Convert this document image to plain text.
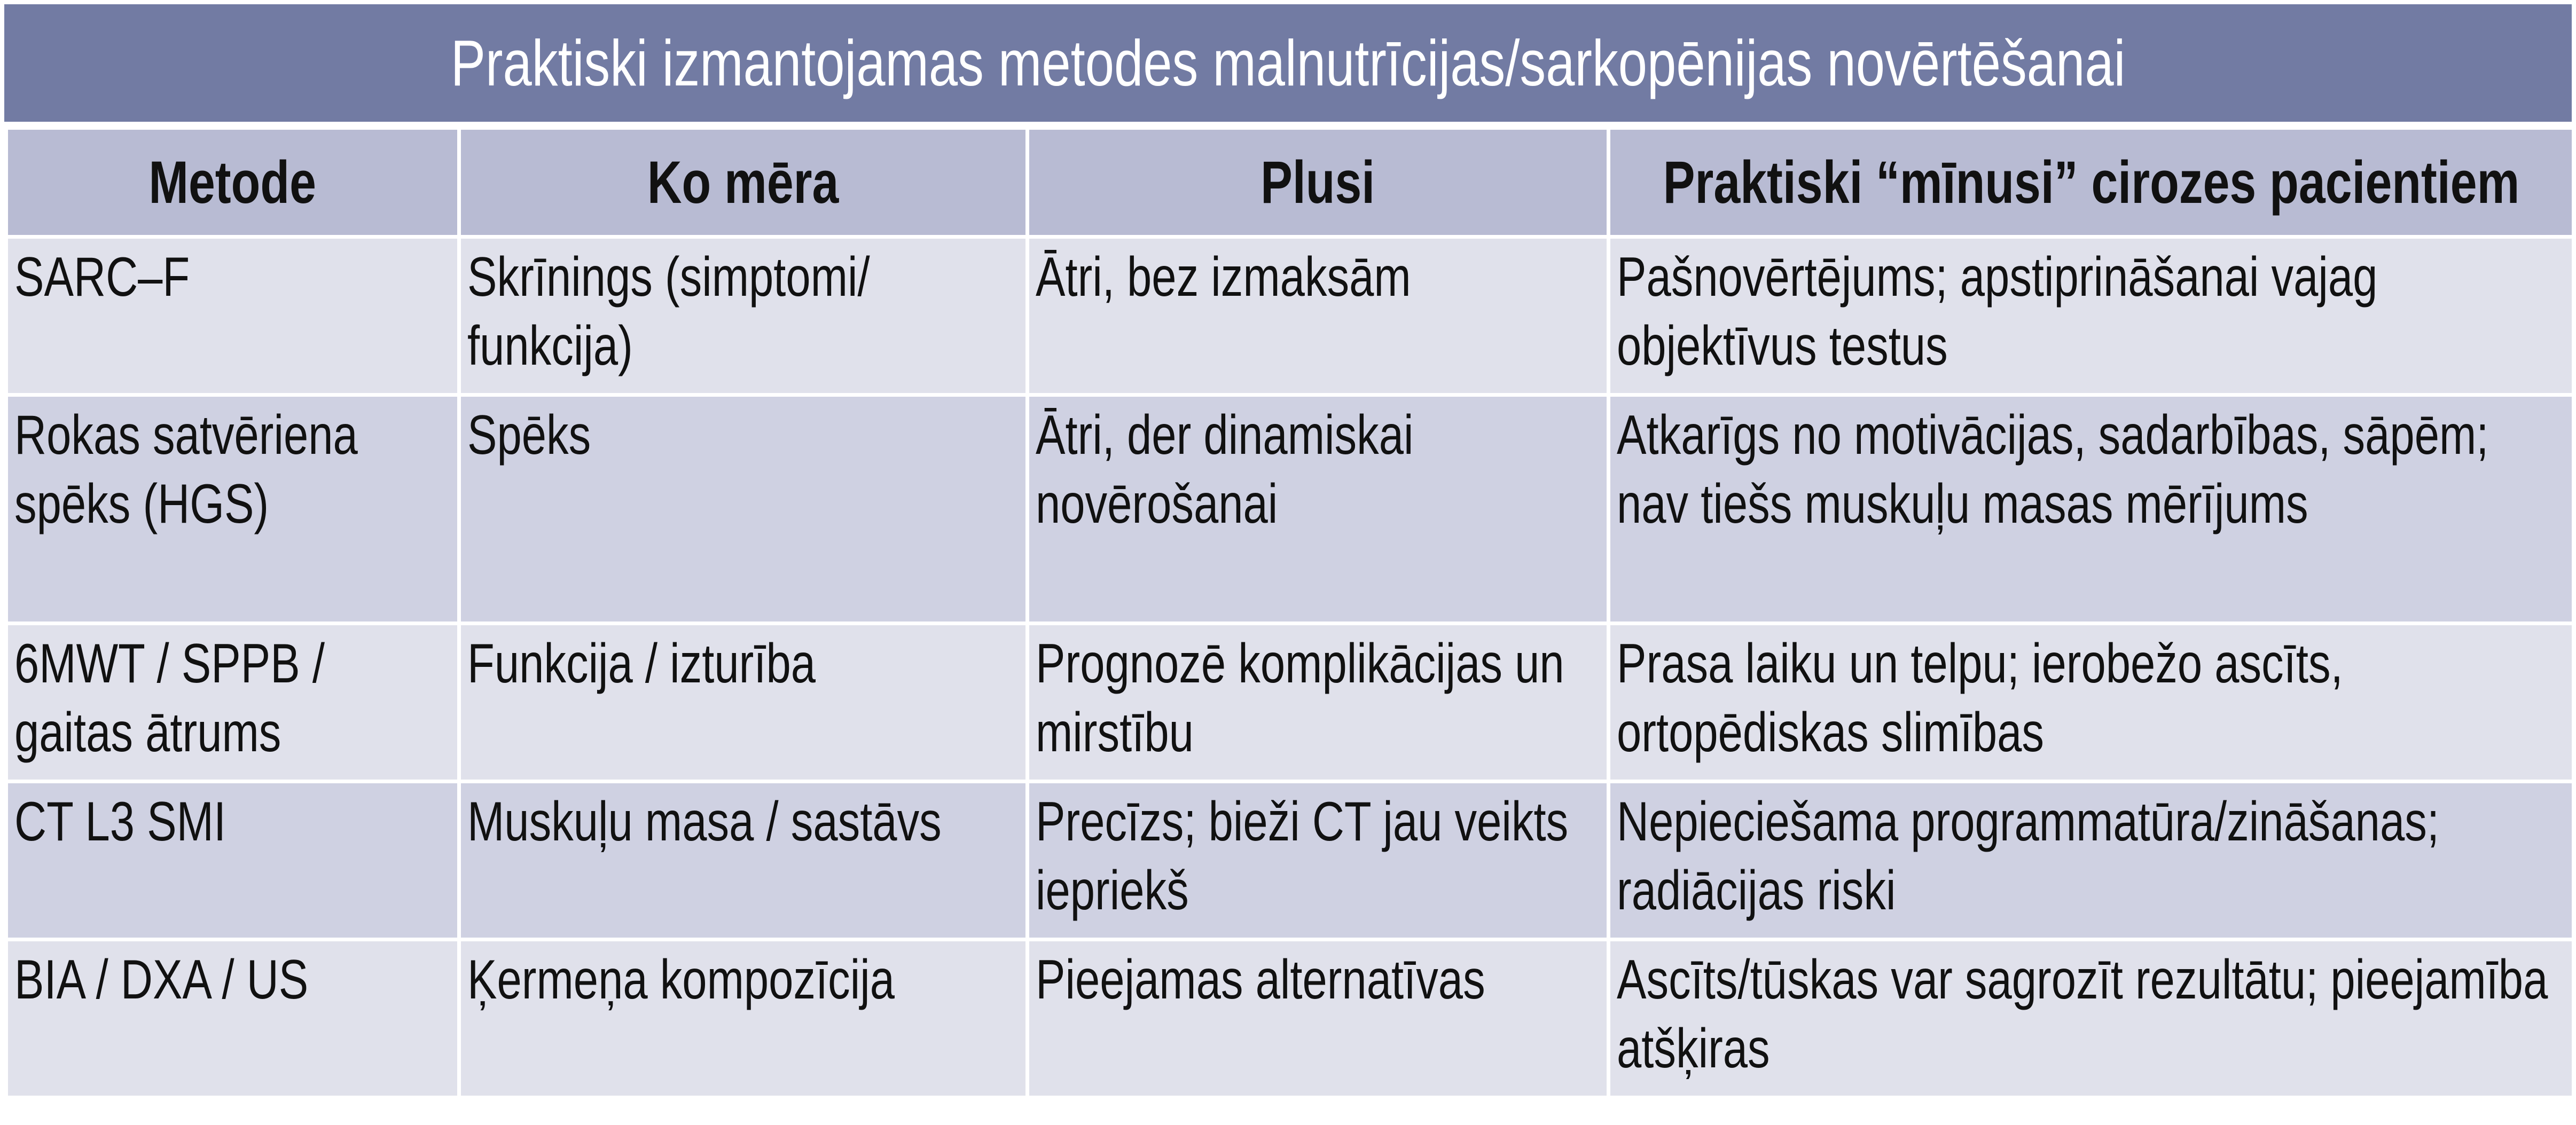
Praktiski izmantojamas metodes malnutrīcijas/sarkopēnijas novērtēšanai
Metode	Ko mēra	Plusi	Praktiski “mīnusi” cirozes pacientiem
SARC–F	Skrīnings (simptomi/ funkcija)	Ātri, bez izmaksām	Pašnovērtējums; apstiprināšanai vajag objektīvus testus
Rokas satvēriena spēks (HGS)	Spēks	Ātri, der dinamiskai novērošanai	Atkarīgs no motivācijas, sadarbības, sāpēm; nav tiešs muskuļu masas mērījums
6MWT / SPPB / gaitas ātrums	Funkcija / izturība	Prognozē komplikācijas un mirstību	Prasa laiku un telpu; ierobežo ascīts, ortopēdiskas slimības
CT L3 SMI	Muskuļu masa / sastāvs	Precīzs; bieži CT jau veikts iepriekš	Nepieciešama programmatūra/zināšanas; radiācijas riski
BIA / DXA / US	Ķermeņa kompozīcija	Pieejamas alternatīvas	Ascīts/tūskas var sagrozīt rezultātu; pieejamība atšķiras
